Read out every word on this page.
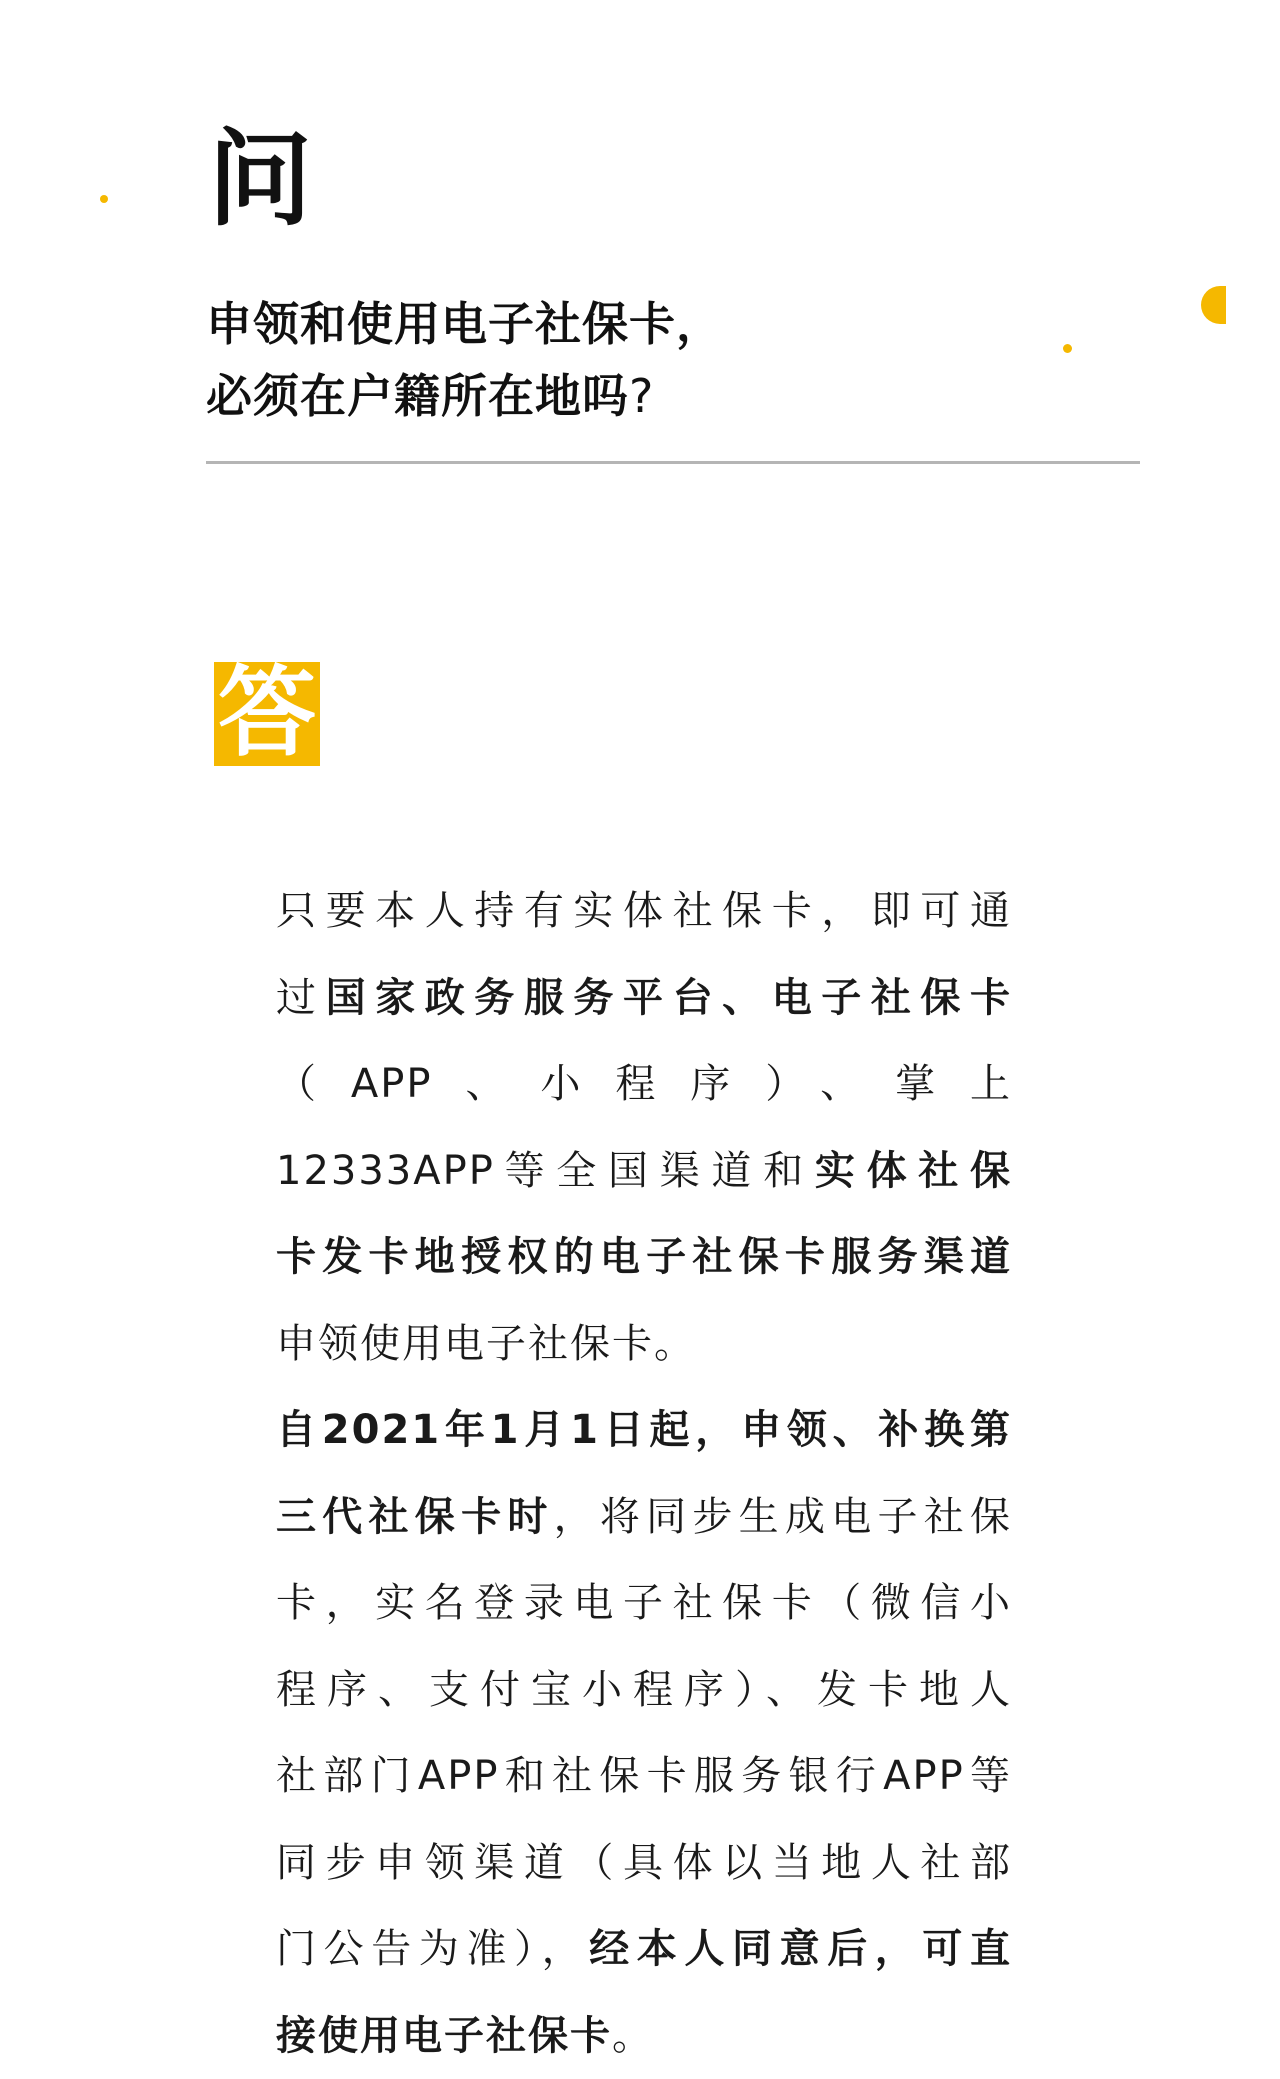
问
申领和使用电子社保卡，
必须在户籍所在地吗?
答
只要本人持有实体社保卡，即可通
过国家政务服务平台、电子社保卡
（APP、小程序）、掌上
12333APP等全国渠道和实体社保
卡发卡地授权的电子社保卡服务渠道
申领使用电子社保卡。
自2021年1月1日起，申领、补换第
三代社保卡时，将同步生成电子社保
卡，实名登录电子社保卡（微信小
程序、支付宝小程序）、发卡地人
社部门APP和社保卡服务银行APP等
同步申领渠道（具体以当地人社部
门公告为准），经本人同意后，可直
接使用电子社保卡。
